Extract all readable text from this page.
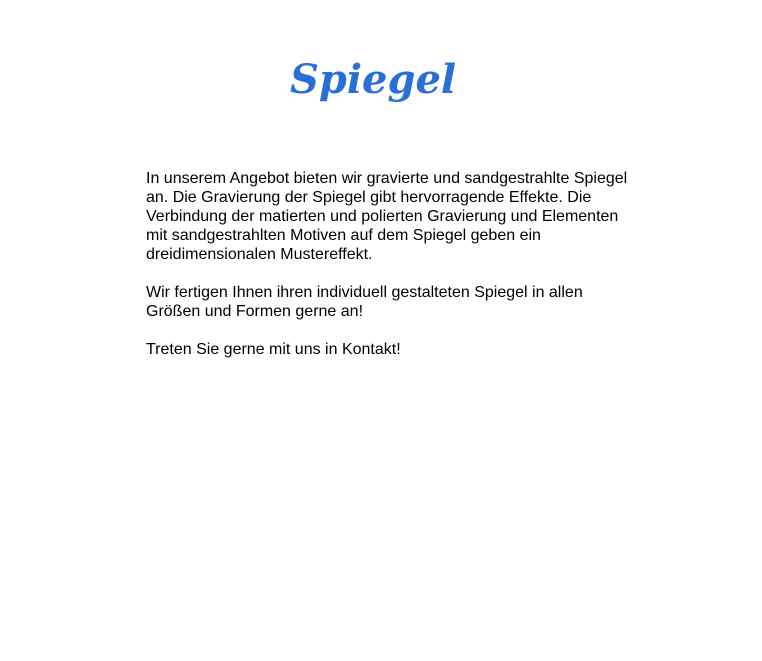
Spiegel

In unserem Angebot bieten wir gravierte und sandgestrahlte Spiegel an. Die Gravierung der Spiegel gibt hervorragende Effekte. Die Verbindung der matierten und polierten Gravierung und Elementen mit sandgestrahlten Motiven auf dem Spiegel geben ein dreidimensionalen Mustereffekt.

Wir fertigen Ihnen ihren individuell gestalteten Spiegel in allen Größen und Formen gerne an!

Treten Sie gerne mit uns in Kontakt!
